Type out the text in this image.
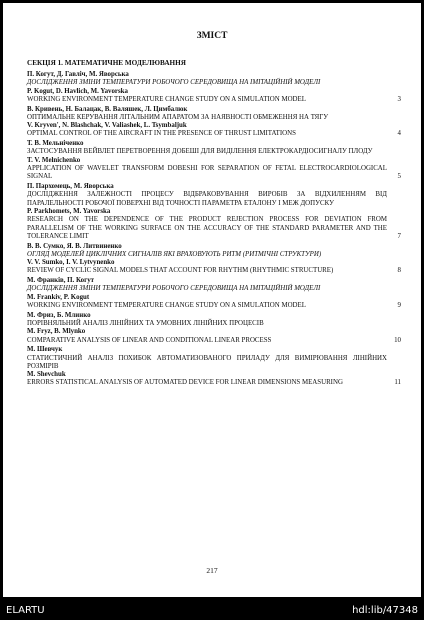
ЗМІСТ
СЕКЦІЯ 1. МАТЕМАТИЧНЕ МОДЕЛЮВАННЯ
П. Когут, Д. Гавліч, М. Яворська
ДОСЛІДЖЕННЯ ЗМІНИ ТЕМПЕРАТУРИ РОБОЧОГО СЕРЕДОВИЩА НА ІМІТАЦІЙНІЙ МОДЕЛІ
P. Kogut, D. Havlich, M. Yavorska
WORKING ENVIRONMENT TEMPERATURE CHANGE STUDY ON A SIMULATION MODEL	3
В. Кривень, Н. Балацак, В. Валяшек, Л. Цимбалюк
ОПТИМАЛЬНЕ КЕРУВАННЯ ЛІТАЛЬНИМ АПАРАТОМ ЗА НАЯВНОСТІ ОБМЕЖЕННЯ НА ТЯГУ
V. Kryven', N. Blashchak, V. Valiashek, L. Tsymbaljuk
OPTIMAL CONTROL OF THE AIRCRAFT IN THE PRESENCE OF THRUST LIMITATIONS	4
Т. В. Мельніченко
ЗАСТОСУВАННЯ ВЕЙВЛЕТ ПЕРЕТВОРЕННЯ ДОБЕШІ ДЛЯ ВИДІЛЕННЯ ЕЛЕКТРОКАРДІОСИГНАЛУ ПЛОДУ
T. V. Melnichenko
APPLICATION OF WAVELET TRANSFORM DOBESHI FOR SEPARATION OF FETAL ELECTROCARDIOLOGICAL SIGNAL	5
П. Пархомець, М. Яворська
ДОСЛІДЖЕННЯ ЗАЛЕЖНОСТІ ПРОЦЕСУ ВІДБРАКОВУВАННЯ ВИРОБІВ ЗА ВІДХИЛЕННЯМ ВІД ПАРАЛЕЛЬНОСТІ РОБОЧОЇ ПОВЕРХНІ ВІД ТОЧНОСТІ ПАРАМЕТРА ЕТАЛОНУ І МЕЖ ДОПУСКУ
P. Parkhomets, M. Yavorska
RESEARCH ON THE DEPENDENCE OF THE PRODUCT REJECTION PROCESS FOR DEVIATION FROM PARALLELISM OF THE WORKING SURFACE ON THE ACCURACY OF THE STANDARD PARAMETER AND THE TOLERANCE LIMIT	7
В. В. Сумко, Я. В. Литвиненко
ОГЛЯД МОДЕЛЕЙ ЦИКЛІЧНИХ СИГНАЛІВ ЯКІ ВРАХОВУЮТЬ РИТМ (РИТМІЧНІ СТРУКТУРИ)
V. V. Sumko, I. V. Lytvynenko
REVIEW OF CYCLIC SIGNAL MODELS THAT ACCOUNT FOR RHYTHM (RHYTHMIC STRUCTURE)	8
М. Франків, П. Когут
ДОСЛІДЖЕННЯ ЗМІНИ ТЕМПЕРАТУРИ РОБОЧОГО СЕРЕДОВИЩА НА ІМІТАЦІЙНІЙ МОДЕЛІ
M. Frankiv, P. Kogut
WORKING ENVIRONMENT TEMPERATURE CHANGE STUDY ON A SIMULATION MODEL	9
М. Фриз, Б. Млинко
ПОРІВНЯЛЬНИЙ АНАЛІЗ ЛІНІЙНИХ ТА УМОВНИХ ЛІНІЙНИХ ПРОЦЕСІВ
M. Fryz, B. Mlynko
COMPARATIVE ANALYSIS OF LINEAR AND CONDITIONAL LINEAR PROCESS	10
М. Шевчук
СТАТИСТИЧНИЙ АНАЛІЗ ПОХИБОК АВТОМАТИЗОВАНОГО ПРИЛАДУ ДЛЯ ВИМІРЮВАННЯ ЛІНІЙНИХ РОЗМІРІВ
M. Shevchuk
ERRORS STATISTICAL ANALYSIS OF AUTOMATED DEVICE FOR LINEAR DIMENSIONS MEASURING	11
217
ELARTU	hdl:lib/47348
